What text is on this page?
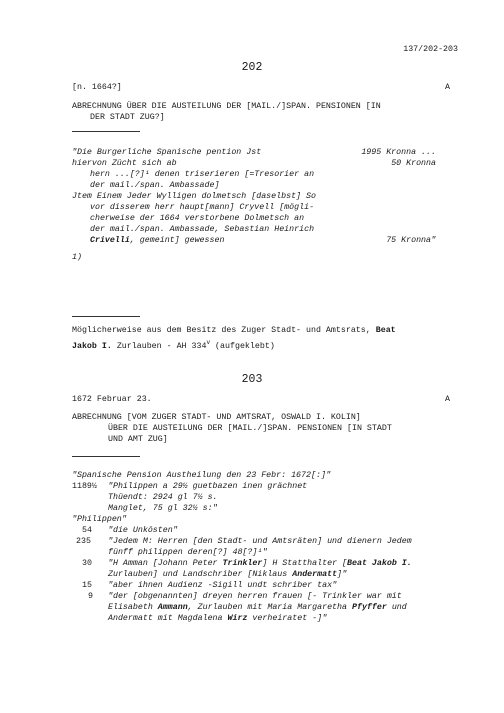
137/202-203
202
[n. 1664?]	A
ABRECHNUNG ÜBER DIE AUSTEILUNG DER [MAIL./]SPAN. PENSIONEN [IN
DER STADT ZUG?]
"Die Burgerliche Spanische pention Jst	1995 Kronna ...
hiervon Zücht sich ab	50 Kronna
hern ...[?]¹ denen triserieren [=Tresorier an
der mail./span. Ambassade]
Jtem Einem Jeder Wylligen dolmetsch [daselbst] So
vor disserem herr haupt[mann] Cryvell [mögli-
cherweise der 1664 verstorbene Dolmetsch an
der mail./span. Ambassade, Sebastian Heinrich
Crivelli, gemeint] gewessen	75 Kronna"
1)
Möglicherweise aus dem Besitz des Zuger Stadt- und Amtsrats, Beat
Jakob I. Zurlauben - AH 334$^v$ (aufgeklebt)
203
1672 Februar 23.	A
ABRECHNUNG [VOM ZUGER STADT- UND AMTSRAT, OSWALD I. KOLIN]
ÜBER DIE AUSTEILUNG DER [MAIL./]SPAN. PENSIONEN [IN STADT
UND AMT ZUG]
"Spanische Pension Austheilung den 23 Febr: 1672[:]"
1189½ "Philippen a 29½ guetbazen inen grächnet
Thüendt: 2924 gl 7½ s.
Manglet, 75 gl 32½ s:"
"Philippen"
54 "die Unkösten"
235 "Jedem M: Herren [den Stadt- und Amtsräten] und dienern Jedem
fünff philippen deren[?] 48[?]¹"
30 "H Amman [Johann Peter Trinkler] H Statthalter [Beat Jakob I.
Zurlauben] und Landschriber [Niklaus Andermatt]"
15 "aber ihnen Audienz -Sigill undt schriber tax"
9 "der [obgenannten] dreyen herren frauen [- Trinkler war mit
Elisabeth Ammann, Zurlauben mit Maria Margaretha Pfyffer und
Andermatt mit Magdalena Wirz verheiratet -]"
